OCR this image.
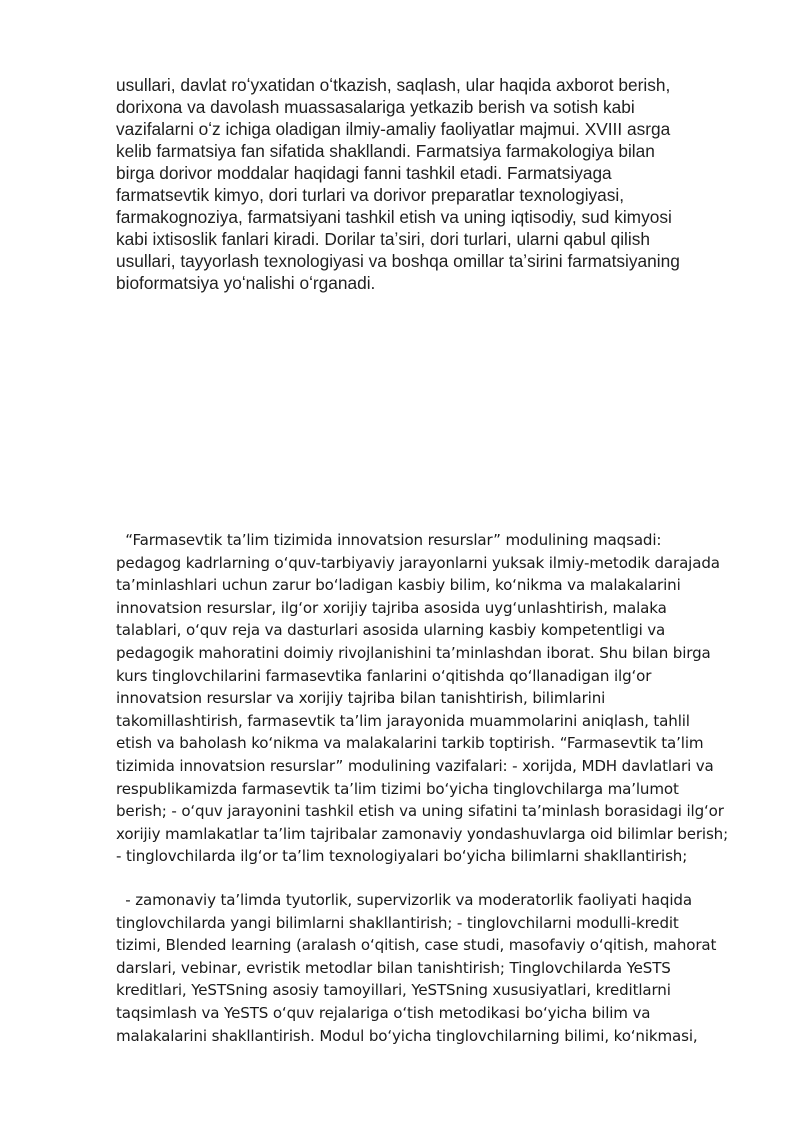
usullari, davlat roʻyxatidan oʻtkazish, saqlash, ular haqida axborot berish,
dorixona va davolash muassasalariga yetkazib berish va sotish kabi
vazifalarni oʻz ichiga oladigan ilmiy-amaliy faoliyatlar majmui. XVIII asrga
kelib farmatsiya fan sifatida shakllandi. Farmatsiya farmakologiya bilan
birga dorivor moddalar haqidagi fanni tashkil etadi. Farmatsiyaga
farmatsevtik kimyo, dori turlari va dorivor preparatlar texnologiyasi,
farmakognoziya, farmatsiyani tashkil etish va uning iqtisodiy, sud kimyosi
kabi ixtisoslik fanlari kiradi. Dorilar taʼsiri, dori turlari, ularni qabul qilish
usullari, tayyorlash texnologiyasi va boshqa omillar taʼsirini farmatsiyaning
bioformatsiya yoʻnalishi oʻrganadi.

“Farmasevtik ta’lim tizimida innovatsion resurslar” modulining maqsadi:
pedagog kadrlarning o‘quv-tarbiyaviy jarayonlarni yuksak ilmiy-metodik darajada
ta’minlashlari uchun zarur bo‘ladigan kasbiy bilim, ko‘nikma va malakalarini
innovatsion resurslar, ilg‘or xorijiy tajriba asosida uyg‘unlashtirish, malaka
talablari, o‘quv reja va dasturlari asosida ularning kasbiy kompetentligi va
pedagogik mahoratini doimiy rivojlanishini ta’minlashdan iborat. Shu bilan birga
kurs tinglovchilarini farmasevtika fanlarini o‘qitishda qo‘llanadigan ilg‘or
innovatsion resurslar va xorijiy tajriba bilan tanishtirish, bilimlarini
takomillashtirish, farmasevtik ta’lim jarayonida muammolarini aniqlash, tahlil
etish va baholash ko‘nikma va malakalarini tarkib toptirish. “Farmasevtik ta’lim
tizimida innovatsion resurslar” modulining vazifalari: - xorijda, MDH davlatlari va
respublikamizda farmasevtik ta’lim tizimi bo‘yicha tinglovchilarga ma’lumot
berish; - o‘quv jarayonini tashkil etish va uning sifatini ta’minlash borasidagi ilg‘or
xorijiy mamlakatlar ta’lim tajribalar zamonaviy yondashuvlarga oid bilimlar berish;
- tinglovchilarda ilg‘or ta’lim texnologiyalari bo‘yicha bilimlarni shakllantirish;

- zamonaviy ta’limda tyutorlik, supervizorlik va moderatorlik faoliyati haqida
tinglovchilarda yangi bilimlarni shakllantirish; - tinglovchilarni modulli-kredit
tizimi, Blended learning (aralash o‘qitish, case studi, masofaviy o‘qitish, mahorat
darslari, vebinar, evristik metodlar bilan tanishtirish; Tinglovchilarda YeSTS
kreditlari, YeSTSning asosiy tamoyillari, YeSTSning xususiyatlari, kreditlarni
taqsimlash va YeSTS o‘quv rejalariga o‘tish metodikasi bo‘yicha bilim va
malakalarini shakllantirish. Modul bo‘yicha tinglovchilarning bilimi, ko‘nikmasi,
